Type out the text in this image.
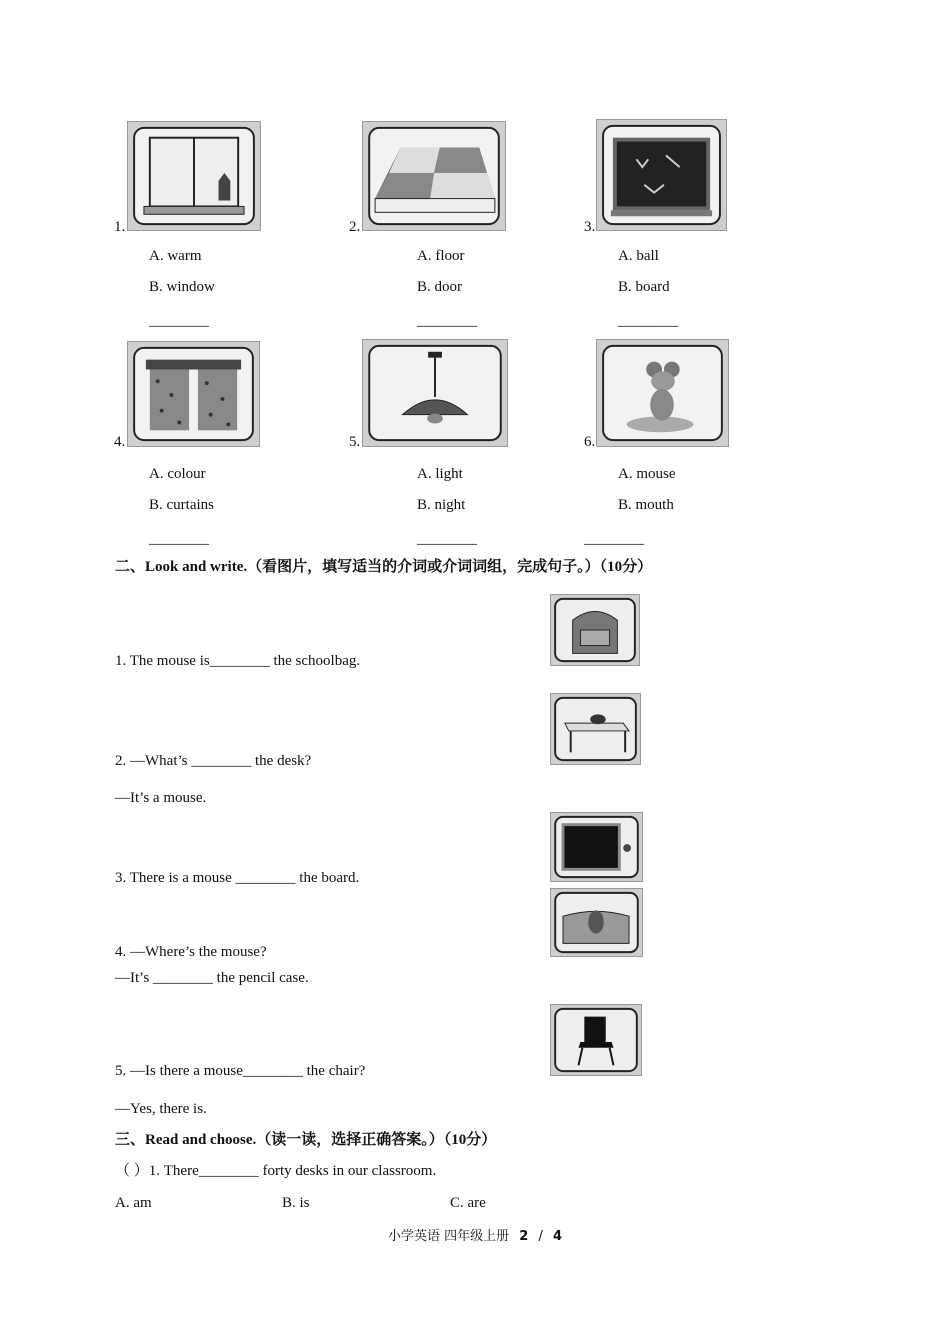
1.	2.	3.
A. warm
B. window
________
A. floor
B. door
________
A. ball
B. board
________
4.	5.	6.
A. colour
B. curtains
________
A. light
B. night
________
A. mouse
B. mouth
________
二、Look and write.（看图片，填写适当的介词或介词词组，完成句子。）（10分）
1. The mouse is________ the schoolbag.
2. —What’s ________ the desk?
—It’s a mouse.
3. There is a mouse ________ the board.
4. —Where’s the mouse?
—It’s ________ the pencil case.
5. —Is there a mouse________ the chair?
—Yes, there is.
三、Read and choose.（读一读，选择正确答案。）（10分）
（ ）1. There________ forty desks in our classroom.
A. am	B. is	C. are
小学英语 四年级上册 2 / 4
